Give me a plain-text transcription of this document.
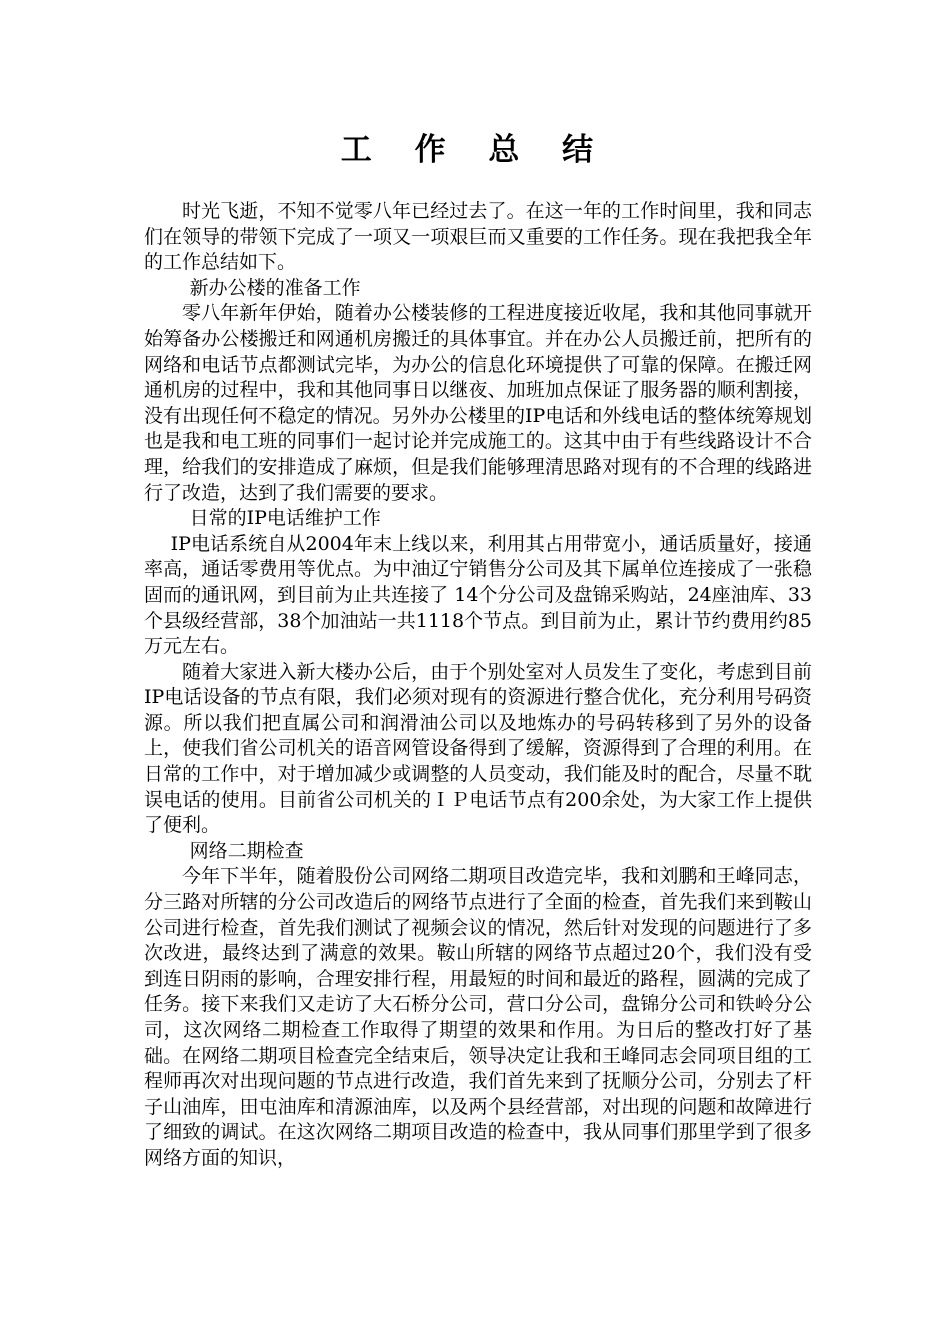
工 作 总 结

时光飞逝，不知不觉零八年已经过去了。在这一年的工作时间里，我和同志们在领导的带领下完成了一项又一项艰巨而又重要的工作任务。现在我把我全年的工作总结如下。

新办公楼的准备工作

零八年新年伊始，随着办公楼装修的工程进度接近收尾，我和其他同事就开始筹备办公楼搬迁和网通机房搬迁的具体事宜。并在办公人员搬迁前，把所有的网络和电话节点都测试完毕，为办公的信息化环境提供了可靠的保障。在搬迁网通机房的过程中，我和其他同事日以继夜、加班加点保证了服务器的顺利割接，没有出现任何不稳定的情况。另外办公楼里的IP电话和外线电话的整体统筹规划也是我和电工班的同事们一起讨论并完成施工的。这其中由于有些线路设计不合理，给我们的安排造成了麻烦，但是我们能够理清思路对现有的不合理的线路进行了改造，达到了我们需要的要求。

日常的IP电话维护工作

IP电话系统自从2004年末上线以来，利用其占用带宽小，通话质量好，接通率高，通话零费用等优点。为中油辽宁销售分公司及其下属单位连接成了一张稳固而的通讯网，到目前为止共连接了 14个分公司及盘锦采购站，24座油库、33个县级经营部，38个加油站一共1118个节点。到目前为止，累计节约费用约85万元左右。

随着大家进入新大楼办公后，由于个别处室对人员发生了变化，考虑到目前IP电话设备的节点有限，我们必须对现有的资源进行整合优化，充分利用号码资源。所以我们把直属公司和润滑油公司以及地炼办的号码转移到了另外的设备上，使我们省公司机关的语音网管设备得到了缓解，资源得到了合理的利用。在日常的工作中，对于增加减少或调整的人员变动，我们能及时的配合，尽量不耽误电话的使用。目前省公司机关的ＩＰ电话节点有200余处，为大家工作上提供了便利。

网络二期检查

今年下半年，随着股份公司网络二期项目改造完毕，我和刘鹏和王峰同志，分三路对所辖的分公司改造后的网络节点进行了全面的检查，首先我们来到鞍山公司进行检查，首先我们测试了视频会议的情况，然后针对发现的问题进行了多次改进，最终达到了满意的效果。鞍山所辖的网络节点超过20个，我们没有受到连日阴雨的影响，合理安排行程，用最短的时间和最近的路程，圆满的完成了任务。接下来我们又走访了大石桥分公司，营口分公司，盘锦分公司和铁岭分公司，这次网络二期检查工作取得了期望的效果和作用。为日后的整改打好了基础。在网络二期项目检查完全结束后，领导决定让我和王峰同志会同项目组的工程师再次对出现问题的节点进行改造，我们首先来到了抚顺分公司，分别去了杆子山油库，田屯油库和清源油库，以及两个县经营部，对出现的问题和故障进行了细致的调试。在这次网络二期项目改造的检查中，我从同事们那里学到了很多网络方面的知识，
